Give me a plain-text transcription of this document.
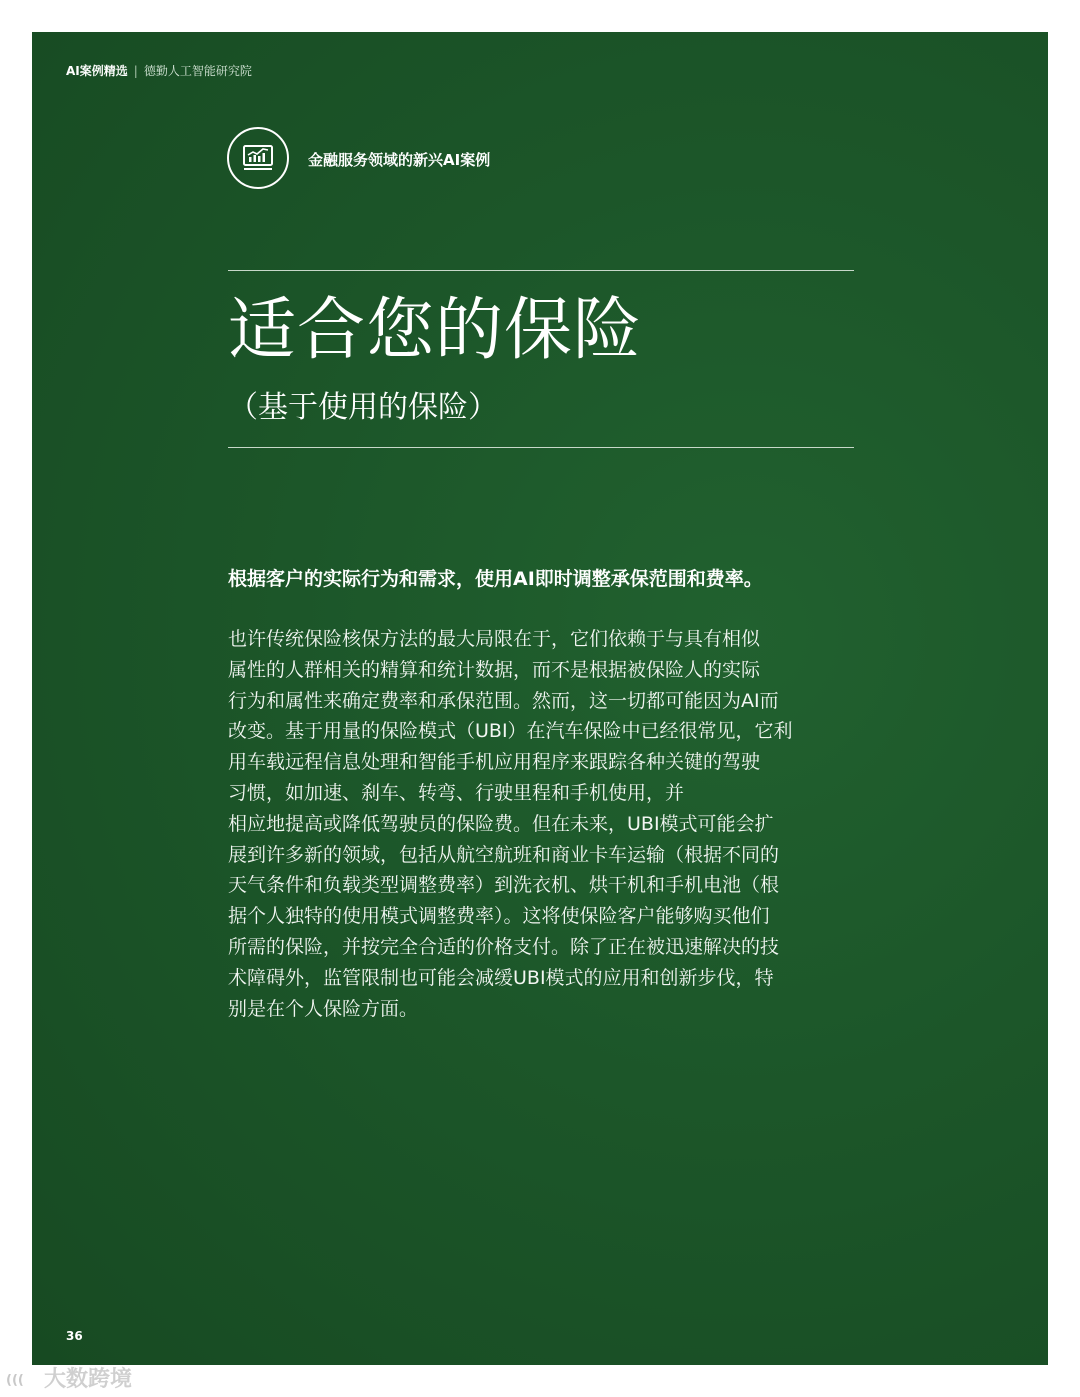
AI案例精选 | 德勤人工智能研究院
金融服务领域的新兴AI案例
适合您的保险
（基于使用的保险）
根据客户的实际行为和需求，使用AI即时调整承保范围和费率。
也许传统保险核保方法的最大局限在于，它们依赖于与具有相似
属性的人群相关的精算和统计数据，而不是根据被保险人的实际
行为和属性来确定费率和承保范围。然而，这一切都可能因为AI而
改变。基于用量的保险模式（UBI）在汽车保险中已经很常见，它利
用车载远程信息处理和智能手机应用程序来跟踪各种关键的驾驶
习惯，如加速、刹车、转弯、行驶里程和手机使用，并
相应地提高或降低驾驶员的保险费。但在未来，UBI模式可能会扩
展到许多新的领域，包括从航空航班和商业卡车运输（根据不同的
天气条件和负载类型调整费率）到洗衣机、烘干机和手机电池（根
据个人独特的使用模式调整费率）。这将使保险客户能够购买他们
所需的保险，并按完全合适的价格支付。除了正在被迅速解决的技
术障碍外，监管限制也可能会减缓UBI模式的应用和创新步伐，特
别是在个人保险方面。
36
((( 大数跨境
